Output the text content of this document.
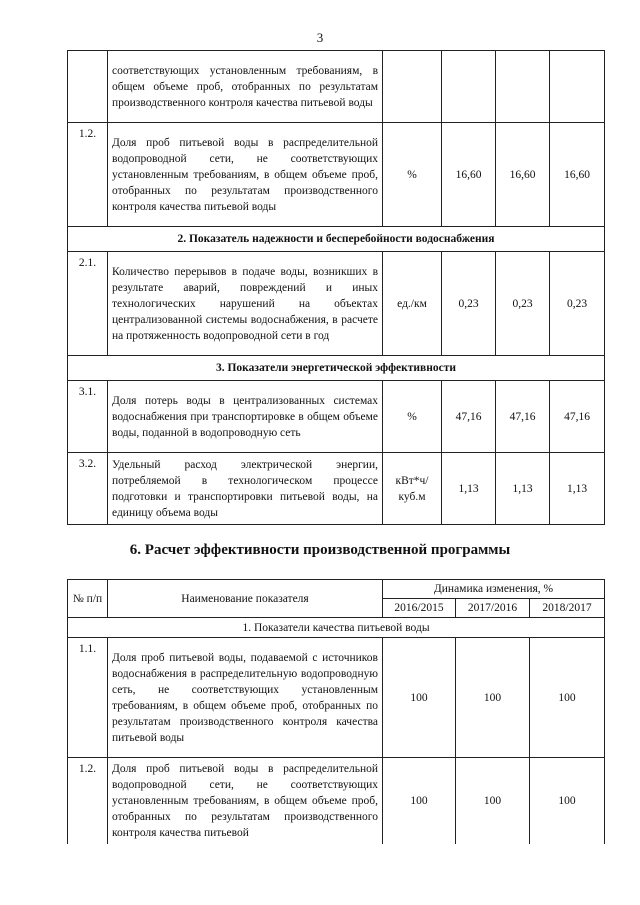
3
	соответствующих установленным требованиям, в общем объеме проб, отобранных по результатам производственного контроля качества питьевой воды				
1.2.	Доля проб питьевой воды в распределительной водопроводной сети, не соответствующих установленным требованиям, в общем объеме проб, отобранных по результатам производственного контроля качества питьевой воды	%	16,60	16,60	16,60
2. Показатель надежности и бесперебойности водоснабжения					
2.1.	Количество перерывов в подаче воды, возникших в результате аварий, повреждений и иных технологических нарушений на объектах централизованной системы водоснабжения, в расчете на протяженность водопроводной сети в год	ед./км	0,23	0,23	0,23
3. Показатели энергетической эффективности					
3.1.	Доля потерь воды в централизованных системах водоснабжения при транспортировке в общем объеме воды, поданной в водопроводную сеть	%	47,16	47,16	47,16
3.2.	Удельный расход электрической энергии, потребляемой в технологическом процессе подготовки и транспортировки питьевой воды, на единицу объема воды	кВт*ч/ куб.м	1,13	1,13	1,13
6. Расчет эффективности производственной программы
№ п/п	Наименование показателя	Динамика изменения, %		
		2016/2015	2017/2016	2018/2017
1. Показатели качества питьевой воды				
1.1.	Доля проб питьевой воды, подаваемой с источников водоснабжения в распределительную водопроводную сеть, не соответствующих установленным требованиям, в общем объеме проб, отобранных по результатам производственного контроля качества питьевой воды	100	100	100
1.2.	Доля проб питьевой воды в распределительной водопроводной сети, не соответствующих установленным требованиям, в общем объеме проб, отобранных по результатам производственного контроля качества питьевой	100	100	100
